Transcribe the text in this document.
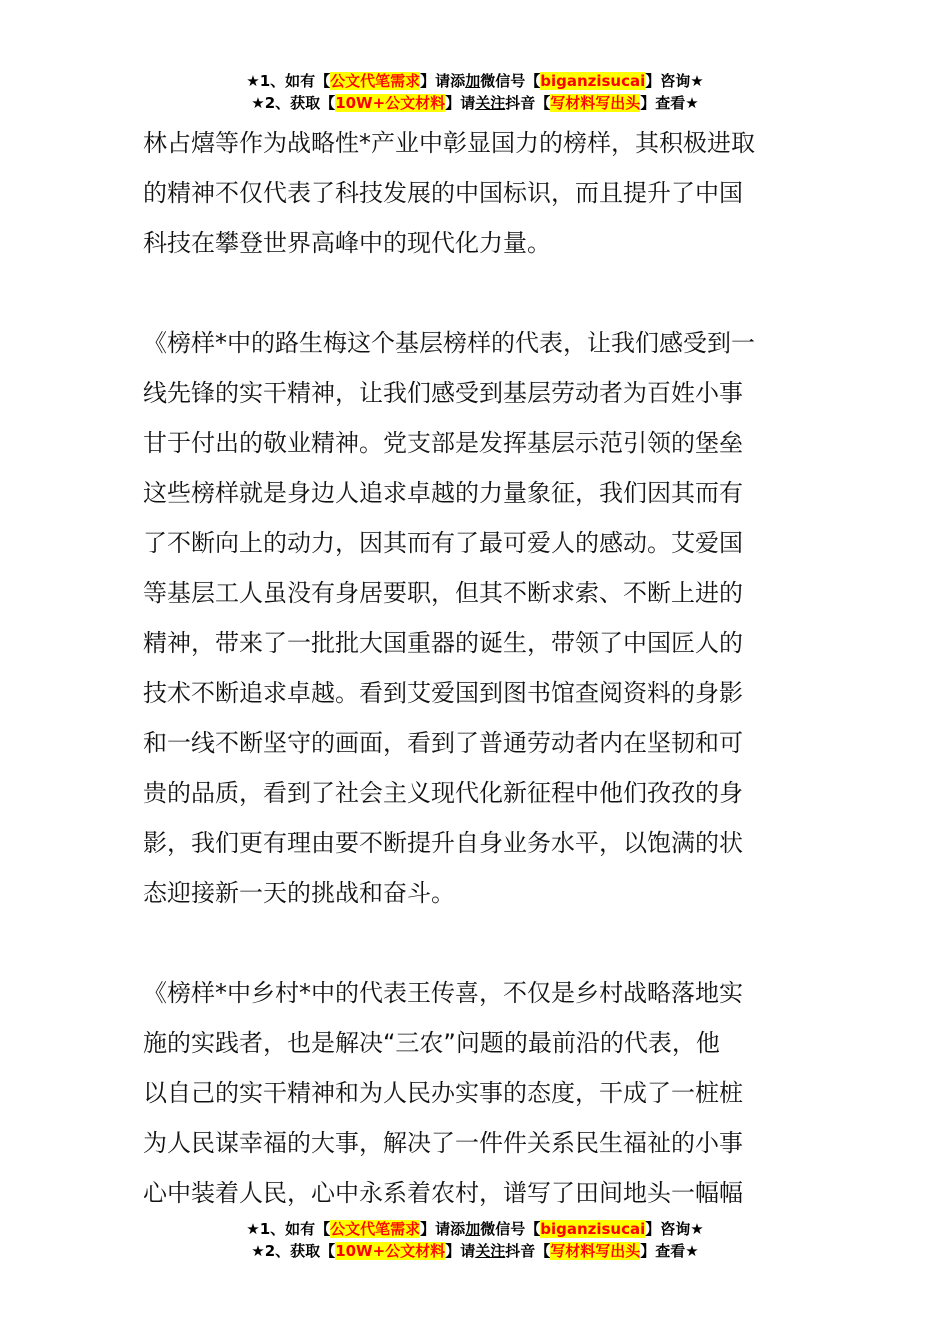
★1、如有【公文代笔需求】请添加微信号【biganzisucai】咨询★
★2、获取【10W+公文材料】请关注抖音【写材料写出头】查看★
林占熺等作为战略性*产业中彰显国力的榜样，其积极进取
的精神不仅代表了科技发展的中国标识，而且提升了中国
科技在攀登世界高峰中的现代化力量。
《榜样*中的路生梅这个基层榜样的代表，让我们感受到一
线先锋的实干精神，让我们感受到基层劳动者为百姓小事
甘于付出的敬业精神。党支部是发挥基层示范引领的堡垒
这些榜样就是身边人追求卓越的力量象征，我们因其而有
了不断向上的动力，因其而有了最可爱人的感动。艾爱国
等基层工人虽没有身居要职，但其不断求索、不断上进的
精神，带来了一批批大国重器的诞生，带领了中国匠人的
技术不断追求卓越。看到艾爱国到图书馆查阅资料的身影
和一线不断坚守的画面，看到了普通劳动者内在坚韧和可
贵的品质，看到了社会主义现代化新征程中他们孜孜的身
影，我们更有理由要不断提升自身业务水平，以饱满的状
态迎接新一天的挑战和奋斗。
《榜样*中乡村*中的代表王传喜，不仅是乡村战略落地实
施的实践者，也是解决“三农”问题的最前沿的代表，他
以自己的实干精神和为人民办实事的态度，干成了一桩桩
为人民谋幸福的大事，解决了一件件关系民生福祉的小事
心中装着人民，心中永系着农村，谱写了田间地头一幅幅
★1、如有【公文代笔需求】请添加微信号【biganzisucai】咨询★
★2、获取【10W+公文材料】请关注抖音【写材料写出头】查看★
